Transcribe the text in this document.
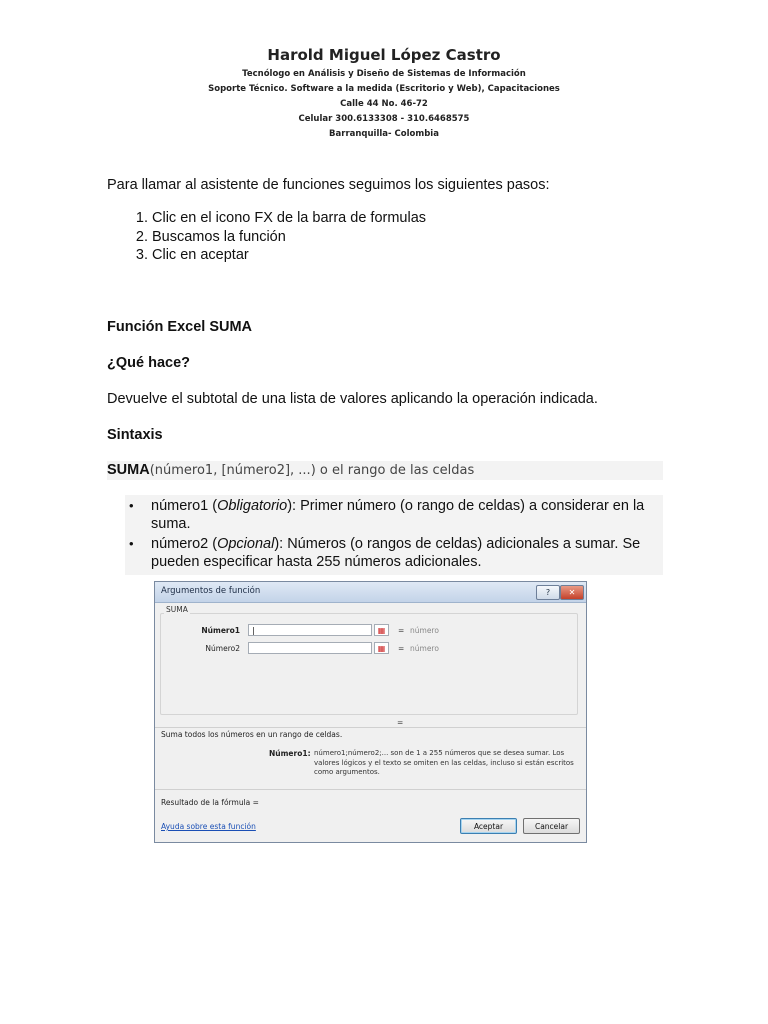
Harold Miguel López Castro
Tecnólogo en Análisis y Diseño de Sistemas de Información
Soporte Técnico. Software a la medida (Escritorio y Web), Capacitaciones
Calle 44 No. 46-72
Celular 300.6133308 - 310.6468575
Barranquilla- Colombia
Para llamar al asistente de funciones seguimos los siguientes pasos:
1. Clic en el icono FX de la barra de formulas
2. Buscamos la función
3. Clic en aceptar
Función Excel SUMA
¿Qué hace?
Devuelve el subtotal de una lista de valores aplicando la operación indicada.
Sintaxis
SUMA(número1, [número2], ...) o el rango de las celdas
• número1 (Obligatorio): Primer número (o rango de celdas) a considerar en la suma.
• número2 (Opcional): Números (o rangos de celdas) adicionales a sumar. Se pueden especificar hasta 255 números adicionales.
Argumentos de función	?	✕
SUMA
Número1	|	▦	= número
Número2	▦	= número
=
Suma todos los números en un rango de celdas.
Número1: número1;número2;... son de 1 a 255 números que se desea sumar. Los valores lógicos y el texto se omiten en las celdas, incluso si están escritos como argumentos.
Resultado de la fórmula =
Ayuda sobre esta función	Aceptar	Cancelar
